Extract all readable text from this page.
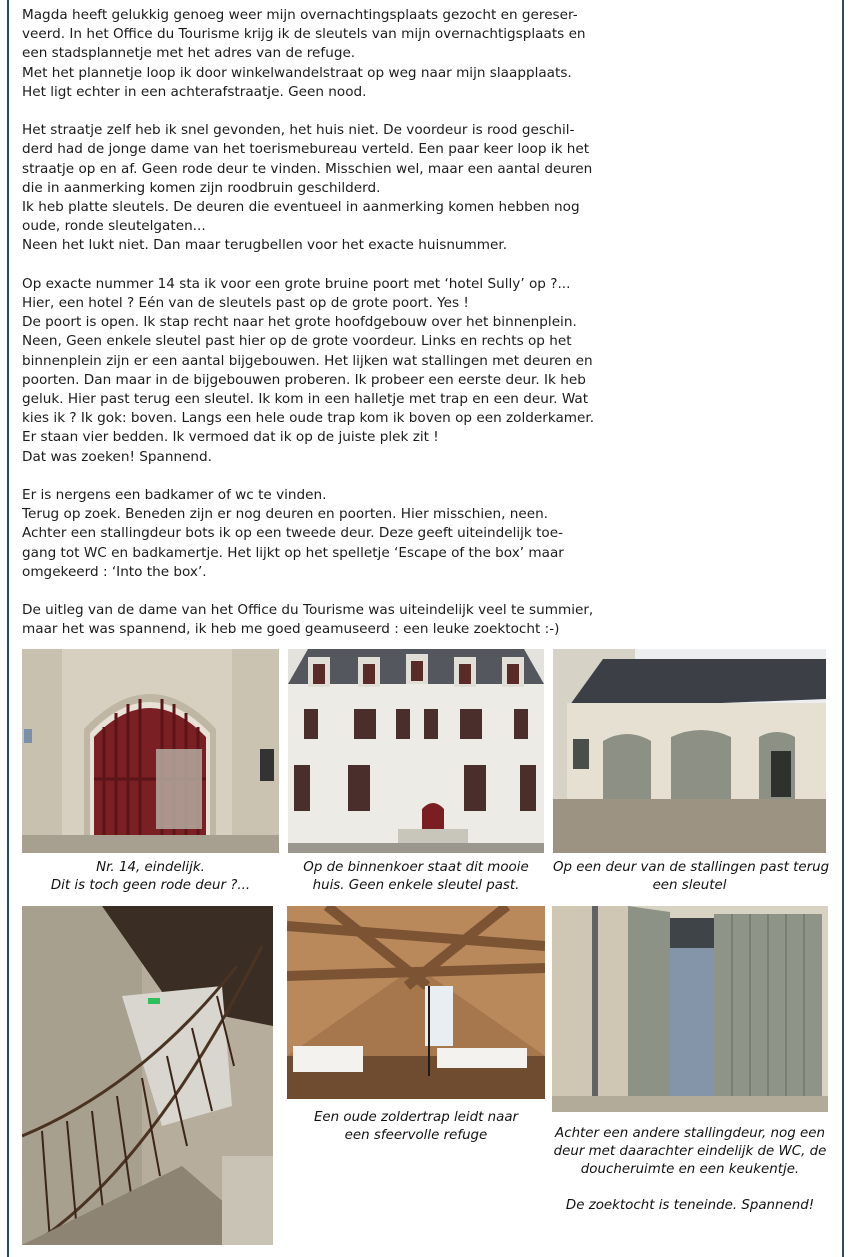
Magda heeft gelukkig genoeg weer mijn overnachtingsplaats gezocht en gereser-
veerd. In het Office du Tourisme krijg ik de sleutels van mijn overnachtigsplaats en
een stadsplannetje met het adres van de refuge.
Met het plannetje loop ik door winkelwandelstraat op weg naar mijn slaapplaats.
Het ligt echter in een achterafstraatje. Geen nood.

Het straatje zelf heb ik snel gevonden, het huis niet. De voordeur is rood geschil-
derd had de jonge dame van het toerismebureau verteld. Een paar keer loop ik het
straatje op en af. Geen rode deur te vinden. Misschien wel, maar een aantal deuren
die in aanmerking komen zijn roodbruin geschilderd.
Ik heb platte sleutels. De deuren die eventueel in aanmerking komen hebben nog
oude, ronde sleutelgaten...
Neen het lukt niet. Dan maar terugbellen voor het exacte huisnummer.

Op exacte nummer 14 sta ik voor een grote bruine poort met ‘hotel Sully’ op ?...
Hier, een hotel ? Eén van de sleutels past op de grote poort. Yes !
De poort is open. Ik stap recht naar het grote hoofdgebouw over het binnenplein.
Neen, Geen enkele sleutel past hier op de grote voordeur. Links en rechts op het
binnenplein zijn er een aantal bijgebouwen. Het lijken wat stallingen met deuren en
poorten. Dan maar in de bijgebouwen proberen. Ik probeer een eerste deur. Ik heb
geluk. Hier past terug een sleutel. Ik kom in een halletje met trap en een deur. Wat
kies ik ? Ik gok: boven. Langs een hele oude trap kom ik boven op een zolderkamer.
Er staan vier bedden. Ik vermoed dat ik op de juiste plek zit !
Dat was zoeken! Spannend.

Er is nergens een badkamer of wc te vinden.
Terug op zoek. Beneden zijn er nog deuren en poorten. Hier misschien, neen.
Achter een stallingdeur bots ik op een tweede deur. Deze geeft uiteindelijk toe-
gang tot WC en badkamertje. Het lijkt op het spelletje ‘Escape of the box’ maar
omgekeerd : ‘Into the box’.

De uitleg van de dame van het Office du Tourisme was uiteindelijk veel te summier,
maar het was spannend, ik heb me goed geamuseerd : een leuke zoektocht :-)

Nr. 14, eindelijk.
Dit is toch geen rode deur ?...
Op de binnenkoer staat dit mooie
huis. Geen enkele sleutel past.
Op een deur van de stallingen past terug
een sleutel
Een oude zoldertrap leidt naar
een sfeervolle refuge	Achter een andere stallingdeur, nog een
deur met daarachter eindelijk de WC, de
doucheruimte en een keukentje.
De zoektocht is teneinde. Spannend!
